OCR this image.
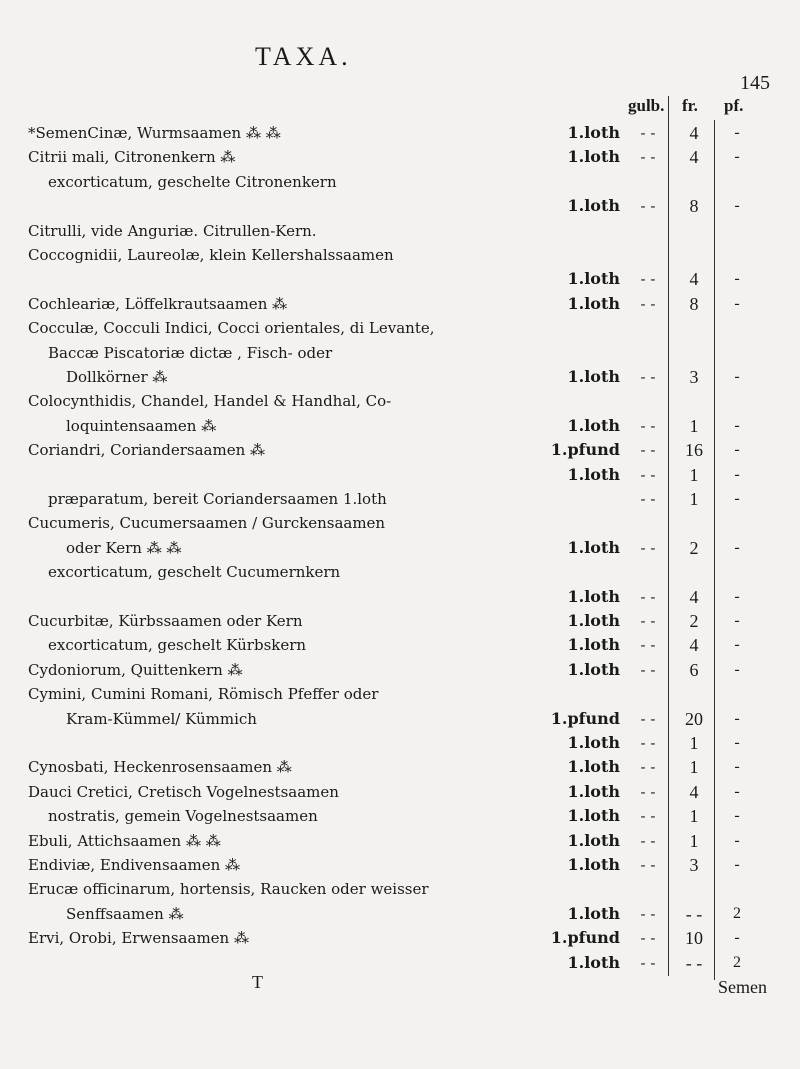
TAXA.
145
gulb. fr. pf.
*SemenCinæ, Wurmsaamen ⁂ ⁂	1.loth	- -	4	-
Citrii mali, Citronenkern ⁂	1.loth	- -	4	-
excorticatum, geschelte Citronenkern
1.loth	- -	8	-
Citrulli, vide Anguriæ. Citrullen-Kern.
Coccognidii, Laureolæ, klein Kellershalssaamen
1.loth	- -	4	-
Cochleariæ, Löffelkrautsaamen ⁂	1.loth	- -	8	-
Cocculæ, Cocculi Indici, Cocci orientales, di Levante,
Baccæ Piscatoriæ dictæ , Fisch- oder
Dollkörner ⁂	1.loth	- -	3	-
Colocynthidis, Chandel, Handel & Handhal, Co-
loquintensaamen ⁂	1.loth	- -	1	-
Coriandri, Coriandersaamen ⁂	1.pfund	- -	16	-
1.loth	- -	1	-
præparatum, bereit Coriandersaamen 1.loth	- -	1	-
Cucumeris, Cucumersaamen / Gurckensaamen
oder Kern ⁂ ⁂	1.loth	- -	2	-
excorticatum, geschelt Cucumernkern
1.loth	- -	4	-
Cucurbitæ, Kürbssaamen oder Kern	1.loth	- -	2	-
excorticatum, geschelt Kürbskern	1.loth	- -	4	-
Cydoniorum, Quittenkern ⁂	1.loth	- -	6	-
Cymini, Cumini Romani, Römisch Pfeffer oder
Kram-Kümmel/ Kümmich	1.pfund	- -	20	-
1.loth	- -	1	-
Cynosbati, Heckenrosensaamen ⁂	1.loth	- -	1	-
Dauci Cretici, Cretisch Vogelnestsaamen	1.loth	- -	4	-
nostratis, gemein Vogelnestsaamen	1.loth	- -	1	-
Ebuli, Attichsaamen ⁂ ⁂	1.loth	- -	1	-
Endiviæ, Endivensaamen ⁂	1.loth	- -	3	-
Erucæ officinarum, hortensis, Raucken oder weisser
Senffsaamen ⁂	1.loth	- -	- -	2
Ervi, Orobi, Erwensaamen ⁂	1.pfund	- -	10	-
1.loth	- -	- -	2
T	Semen
